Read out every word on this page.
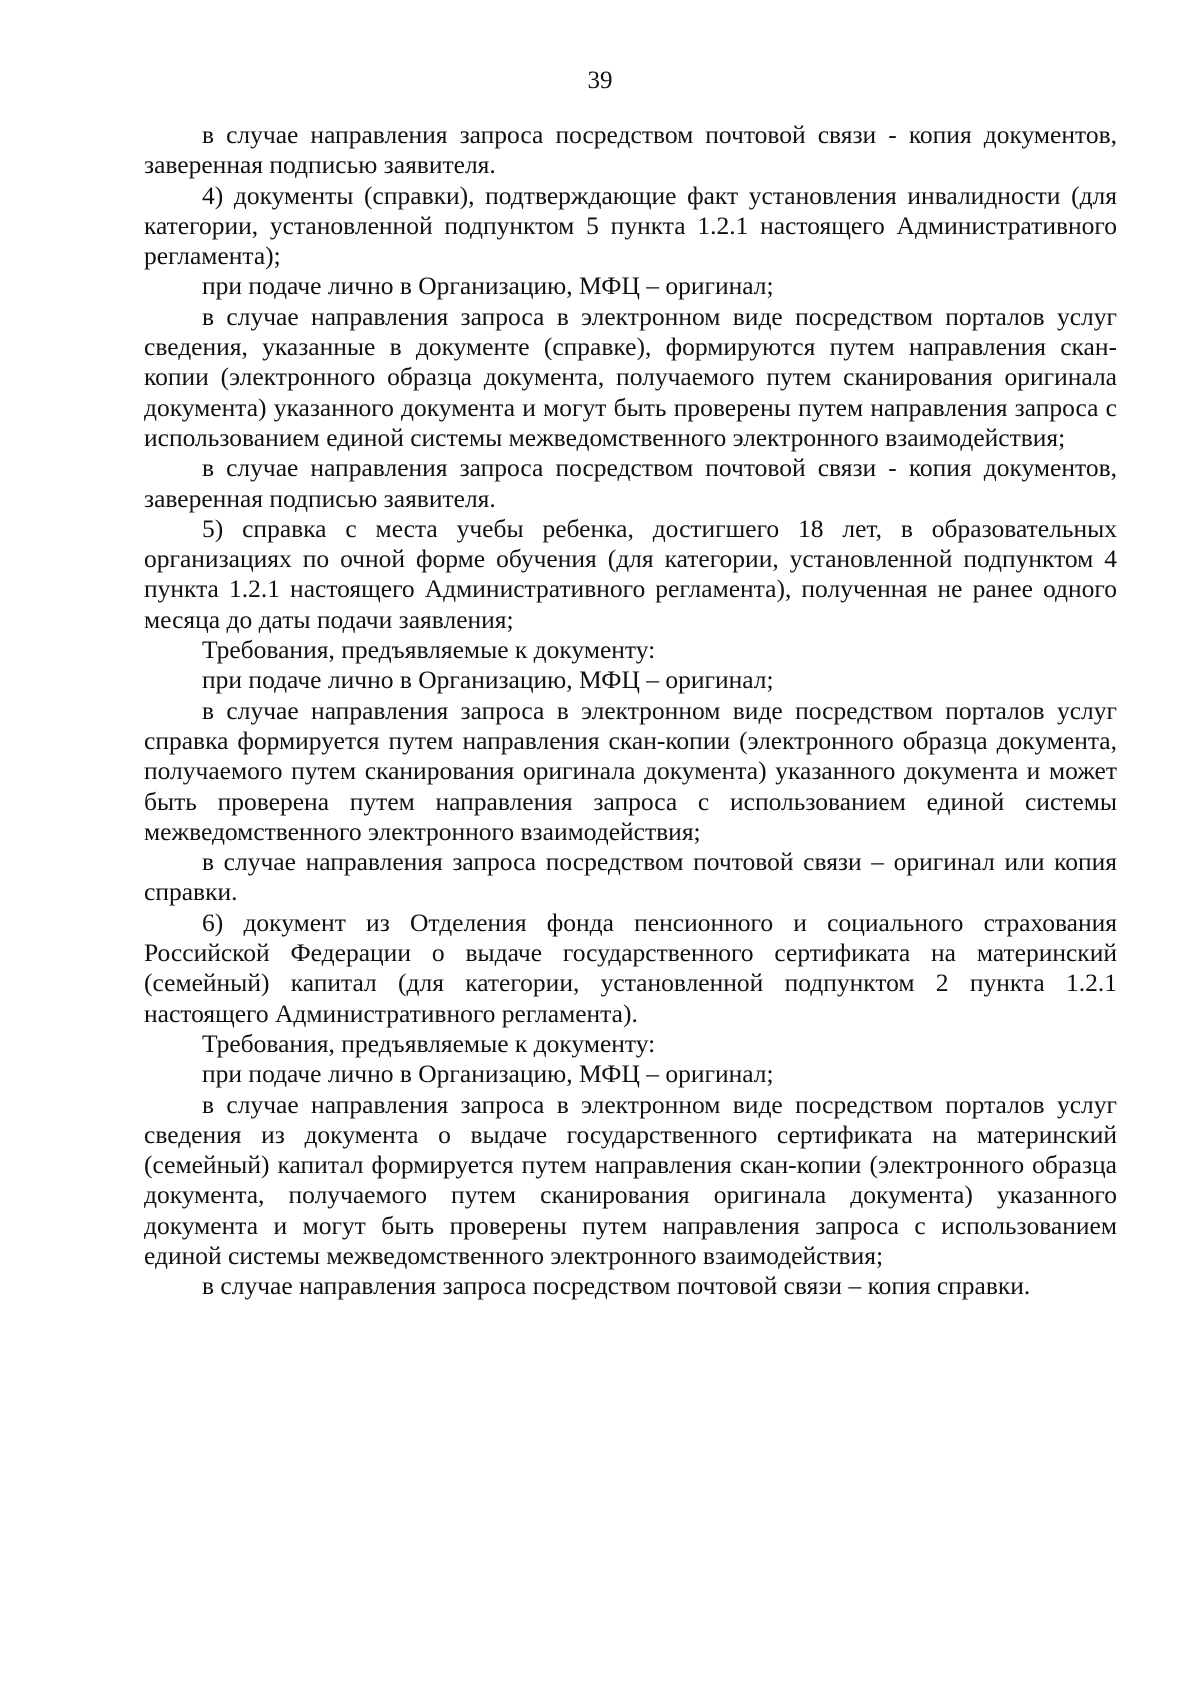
39

в случае направления запроса посредством почтовой связи - копия документов, заверенная подписью заявителя.

4) документы (справки), подтверждающие факт установления инвалидности (для категории, установленной подпунктом 5 пункта 1.2.1 настоящего Административного регламента);

при подаче лично в Организацию, МФЦ – оригинал;

в случае направления запроса в электронном виде посредством порталов услуг сведения, указанные в документе (справке), формируются путем направления скан-копии (электронного образца документа, получаемого путем сканирования оригинала документа) указанного документа и могут быть проверены путем направления запроса с использованием единой системы межведомственного электронного взаимодействия;

в случае направления запроса посредством почтовой связи - копия документов, заверенная подписью заявителя.

5) справка с места учебы ребенка, достигшего 18 лет, в образовательных организациях по очной форме обучения (для категории, установленной подпунктом 4 пункта 1.2.1 настоящего Административного регламента), полученная не ранее одного месяца до даты подачи заявления;

Требования, предъявляемые к документу:

при подаче лично в Организацию, МФЦ – оригинал;

в случае направления запроса в электронном виде посредством порталов услуг справка формируется путем направления скан-копии (электронного образца документа, получаемого путем сканирования оригинала документа) указанного документа и может быть проверена путем направления запроса с использованием единой системы межведомственного электронного взаимодействия;

в случае направления запроса посредством почтовой связи – оригинал или копия справки.

6) документ из Отделения фонда пенсионного и социального страхования Российской Федерации о выдаче государственного сертификата на материнский (семейный) капитал (для категории, установленной подпунктом 2 пункта 1.2.1 настоящего Административного регламента).

Требования, предъявляемые к документу:

при подаче лично в Организацию, МФЦ – оригинал;

в случае направления запроса в электронном виде посредством порталов услуг сведения из документа о выдаче государственного сертификата на материнский (семейный) капитал формируется путем направления скан-копии (электронного образца документа, получаемого путем сканирования оригинала документа) указанного документа и могут быть проверены путем направления запроса с использованием единой системы межведомственного электронного взаимодействия;

в случае направления запроса посредством почтовой связи – копия справки.
